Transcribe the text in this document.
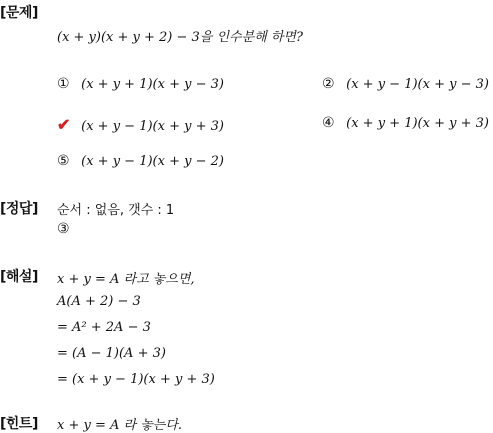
[문제]
(x + y)(x + y + 2) − 3을 인수분해 하면?
① (x + y + 1)(x + y − 3)	② (x + y − 1)(x + y − 3)
✔ (x + y − 1)(x + y + 3)	④ (x + y + 1)(x + y + 3)
⑤ (x + y − 1)(x + y − 2)
[정답] 순서 : 없음, 갯수 : 1
③
[해설] x + y = A 라고 놓으면,
A(A + 2) − 3
= A² + 2A − 3
= (A − 1)(A + 3)
= (x + y − 1)(x + y + 3)
[힌트] x + y = A 라 놓는다.
